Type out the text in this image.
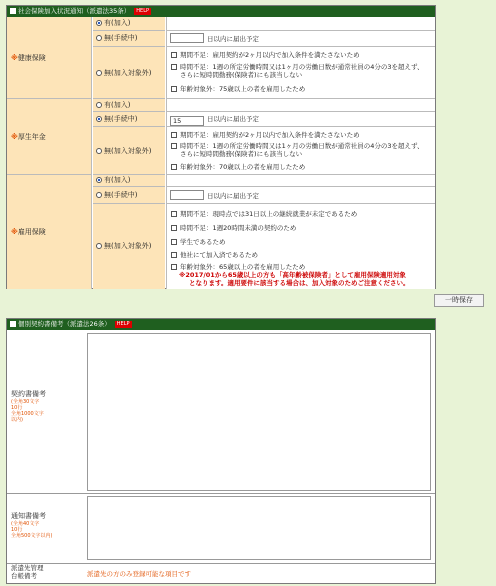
社会保険加入状況通知（派遣法35条） HELP
※健康保険
有(加入)
無(手続中)	日以内に届出予定
無(加入対象外)
期間不足：雇用契約が2ヶ月以内で加入条件を満たさないため
時間不足：1週の所定労働時間又は1ヶ月の労働日数が通常社員の4分の3を超えず、
さらに短時間勤務(保険者)にも該当しない
年齢対象外：75歳以上の者を雇用したため
※厚生年金
有(加入)
無(手続中)	15	日以内に届出予定
無(加入対象外)
期間不足：雇用契約が2ヶ月以内で加入条件を満たさないため
時間不足：1週の所定労働時間又は1ヶ月の労働日数が通常社員の4分の3を超えず、
さらに短時間勤務(保険者)にも該当しない
年齢対象外：70歳以上の者を雇用したため
※雇用保険
有(加入)
無(手続中)	日以内に届出予定
無(加入対象外)
期間不足：現時点では31日以上の継続就業が未定であるため
時間不足：1週20時間未満の契約のため
学生であるため
他社にて加入済であるため
年齢対象外：65歳以上の者を雇用したため
※2017/01から65歳以上の方も「高年齢被保険者」として雇用保険適用対象
となります。適用要件に該当する場合は、加入対象のためご注意ください。
一時保存
個別契約書備考（派遣法26条） HELP
契約書備考
(全角30文字
10行
全角1000文字
以内)
通知書備考
(全角40文字
10行
全角500文字以内)
派遣先管理
台帳備考	派遣先の方のみ登録可能な項目です
